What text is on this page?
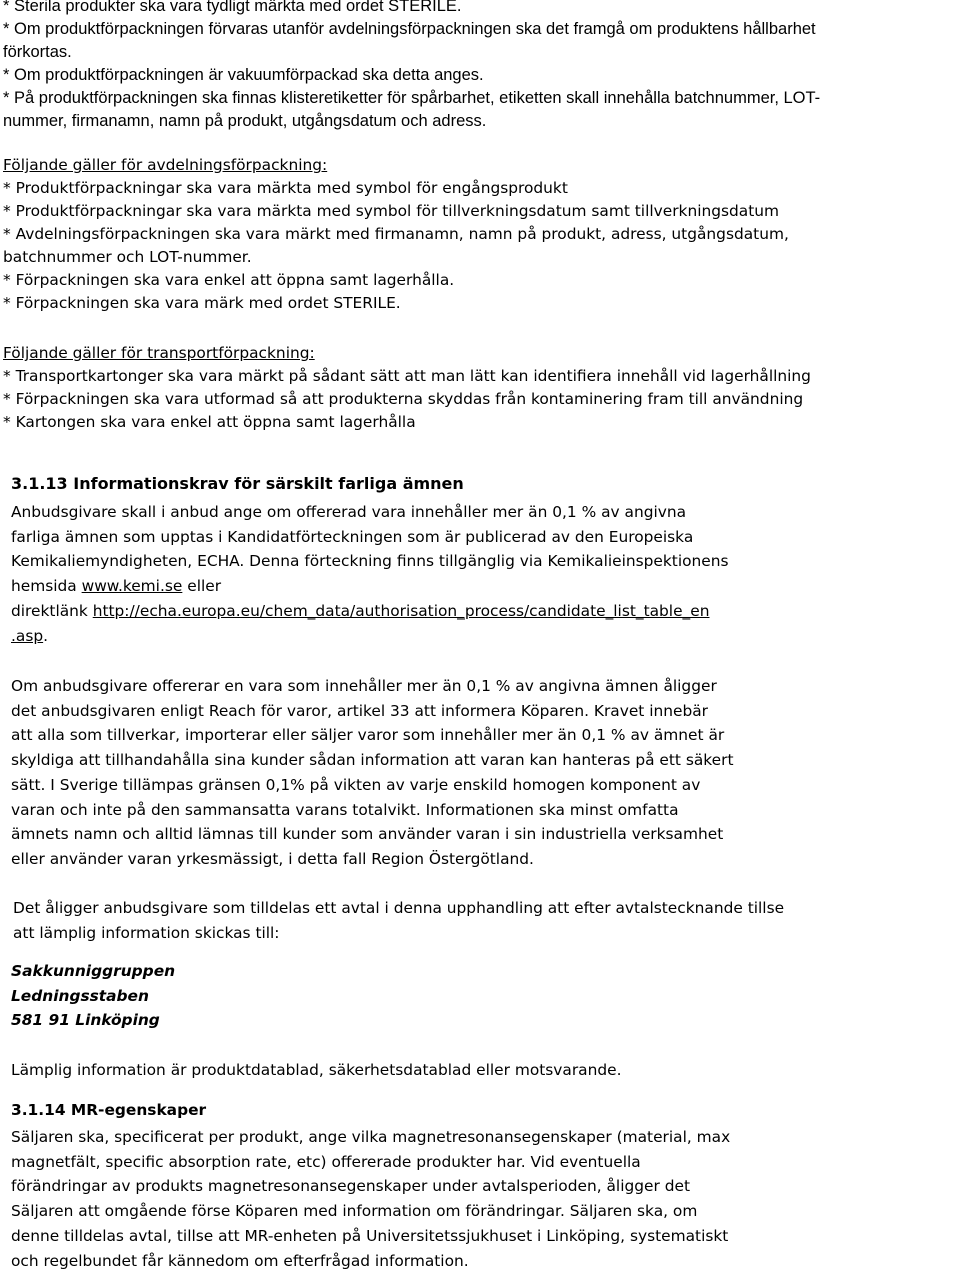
* Sterila produkter ska vara tydligt märkta med ordet STERILE.

* Om produktförpackningen förvaras utanför avdelningsförpackningen ska det framgå om produktens hållbarhet

förkortas.

* Om produktförpackningen är vakuumförpackad ska detta anges.

* På produktförpackningen ska finnas klisteretiketter för spårbarhet, etiketten skall innehålla batchnummer, LOT-

nummer, firmanamn, namn på produkt, utgångsdatum och adress.

Följande gäller för avdelningsförpackning:

* Produktförpackningar ska vara märkta med symbol för engångsprodukt

* Produktförpackningar ska vara märkta med symbol för tillverkningsdatum samt tillverkningsdatum

* Avdelningsförpackningen ska vara märkt med firmanamn, namn på produkt, adress, utgångsdatum,

batchnummer och LOT-nummer.

* Förpackningen ska vara enkel att öppna samt lagerhålla.

* Förpackningen ska vara märk med ordet STERILE.

Följande gäller för transportförpackning:

* Transportkartonger ska vara märkt på sådant sätt att man lätt kan identifiera innehåll vid lagerhållning

* Förpackningen ska vara utformad så att produkterna skyddas från kontaminering fram till användning

* Kartongen ska vara enkel att öppna samt lagerhålla

3.1.13 Informationskrav för särskilt farliga ämnen

Anbudsgivare skall i anbud ange om offererad vara innehåller mer än 0,1 % av angivna

farliga ämnen som upptas i Kandidatförteckningen som är publicerad av den Europeiska

Kemikaliemyndigheten, ECHA. Denna förteckning finns tillgänglig via Kemikalieinspektionens

hemsida www.kemi.se eller

direktlänk http://echa.europa.eu/chem_data/authorisation_process/candidate_list_table_en

.asp.

Om anbudsgivare offererar en vara som innehåller mer än 0,1 % av angivna ämnen åligger

det anbudsgivaren enligt Reach för varor, artikel 33 att informera Köparen. Kravet innebär

att alla som tillverkar, importerar eller säljer varor som innehåller mer än 0,1 % av ämnet är

skyldiga att tillhandahålla sina kunder sådan information att varan kan hanteras på ett säkert

sätt. I Sverige tillämpas gränsen 0,1% på vikten av varje enskild homogen komponent av

varan och inte på den sammansatta varans totalvikt. Informationen ska minst omfatta

ämnets namn och alltid lämnas till kunder som använder varan i sin industriella verksamhet

eller använder varan yrkesmässigt, i detta fall Region Östergötland.

Det åligger anbudsgivare som tilldelas ett avtal i denna upphandling att efter avtalstecknande tillse

att lämplig information skickas till:

Sakkunniggruppen

Ledningsstaben

581 91 Linköping

Lämplig information är produktdatablad, säkerhetsdatablad eller motsvarande.
3.1.14 MR-egenskaper

Säljaren ska, specificerat per produkt, ange vilka magnetresonansegenskaper (material, max

magnetfält, specific absorption rate, etc) offererade produkter har. Vid eventuella

förändringar av produkts magnetresonansegenskaper under avtalsperioden, åligger det

Säljaren att omgående förse Köparen med information om förändringar. Säljaren ska, om

denne tilldelas avtal, tillse att MR-enheten på Universitetssjukhuset i Linköping, systematiskt

och regelbundet får kännedom om efterfrågad information.
